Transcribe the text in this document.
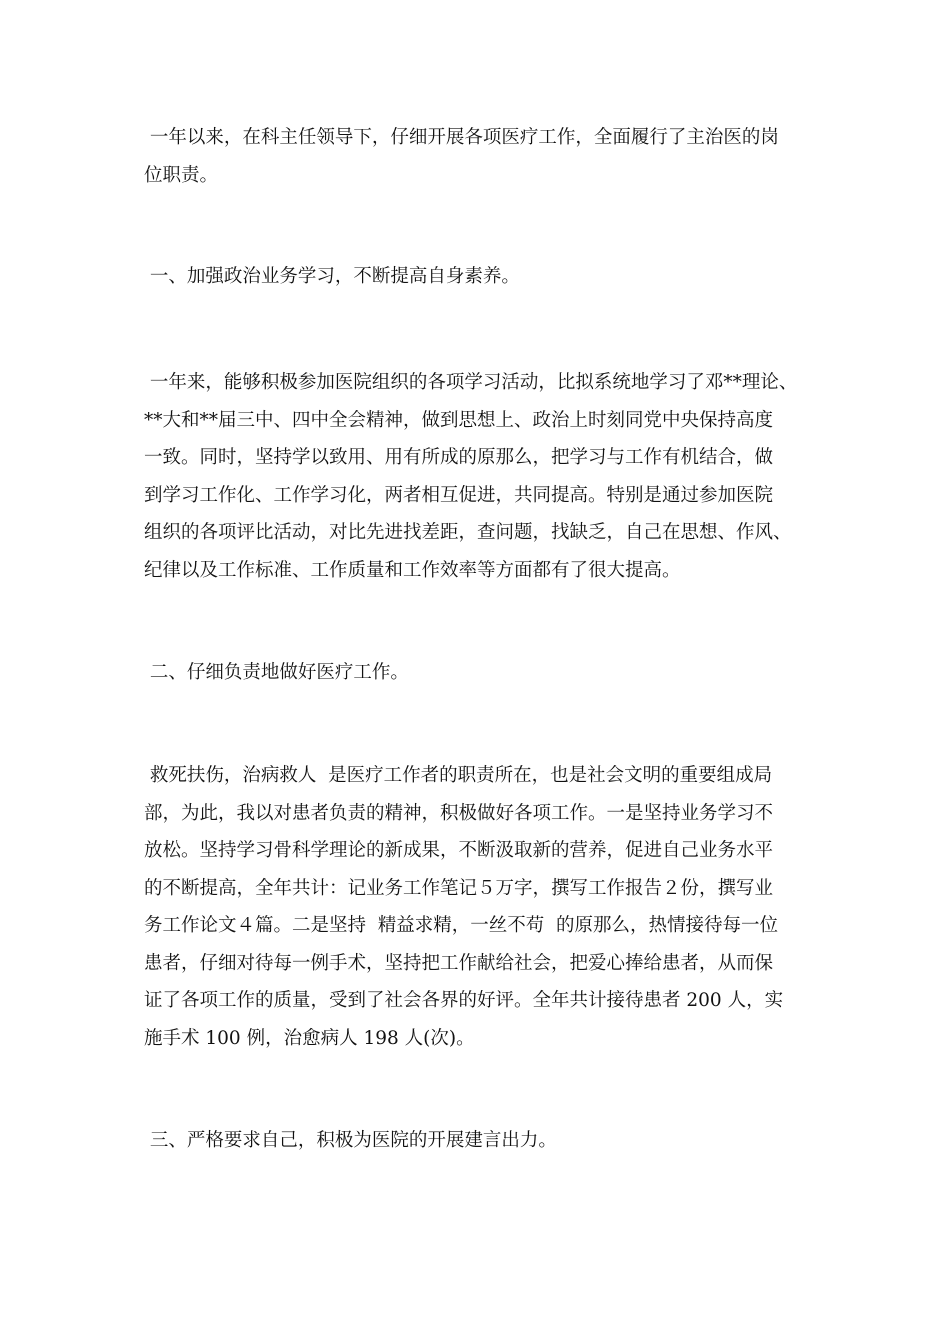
一年以来，在科主任领导下，仔细开展各项医疗工作，全面履行了主治医的岗
位职责。

一、加强政治业务学习，不断提高自身素养。

一年来，能够积极参加医院组织的各项学习活动，比拟系统地学习了邓**理论、
**大和**届三中、四中全会精神，做到思想上、政治上时刻同党中央保持高度
一致。同时，坚持学以致用、用有所成的原那么，把学习与工作有机结合，做
到学习工作化、工作学习化，两者相互促进，共同提高。特别是通过参加医院
组织的各项评比活动，对比先进找差距，查问题，找缺乏，自己在思想、作风、
纪律以及工作标准、工作质量和工作效率等方面都有了很大提高。

二、仔细负责地做好医疗工作。

救死扶伤，治病救人  是医疗工作者的职责所在，也是社会文明的重要组成局
部，为此，我以对患者负责的精神，积极做好各项工作。一是坚持业务学习不
放松。坚持学习骨科学理论的新成果，不断汲取新的营养，促进自己业务水平
的不断提高，全年共计：记业务工作笔记５万字，撰写工作报告２份，撰写业
务工作论文４篇。二是坚持  精益求精，一丝不苟  的原那么，热情接待每一位
患者，仔细对待每一例手术，坚持把工作献给社会，把爱心捧给患者，从而保
证了各项工作的质量，受到了社会各界的好评。全年共计接待患者 200 人，实
施手术 100 例，治愈病人 198 人(次)。

三、严格要求自己，积极为医院的开展建言出力。
